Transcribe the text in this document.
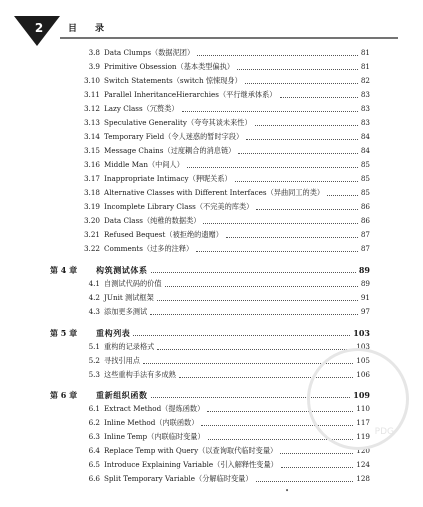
2	目录
3.8 Data Clumps（数据泥团）	81
3.9 Primitive Obsession（基本类型偏执）	81
3.10 Switch Statements（switch 惊悚现身）	82
3.11 Parallel InheritanceHierarchies（平行继承体系）	83
3.12 Lazy Class（冗赘类）	83
3.13 Speculative Generality（夸夸其谈未来性）	83
3.14 Temporary Field（令人迷惑的暂时字段）	84
3.15 Message Chains（过度耦合的消息链）	84
3.16 Middle Man（中间人）	85
3.17 Inappropriate Intimacy（狎昵关系）	85
3.18 Alternative Classes with Different Interfaces（异曲同工的类）	85
3.19 Incomplete Library Class（不完美的库类）	86
3.20 Data Class（纯稚的数据类）	86
3.21 Refused Bequest（被拒绝的遗赠）	87
3.22 Comments（过多的注释）	87
第 4 章	构筑测试体系	89
4.1 自测试代码的价值	89
4.2 JUnit 测试框架	91
4.3 添加更多测试	97
第 5 章	重构列表	103
5.1 重构的记录格式	103
5.2 寻找引用点	105
5.3 这些重构手法有多成熟	106
第 6 章	重新组织函数	109
6.1 Extract Method（提炼函数）	110
6.2 Inline Method（内联函数）	117
6.3 Inline Temp（内联临时变量）	119
6.4 Replace Temp with Query（以查询取代临时变量）	120
6.5 Introduce Explaining Variable（引入解释性变量）	124
6.6 Split Temporary Variable（分解临时变量）	128
PDG
•
